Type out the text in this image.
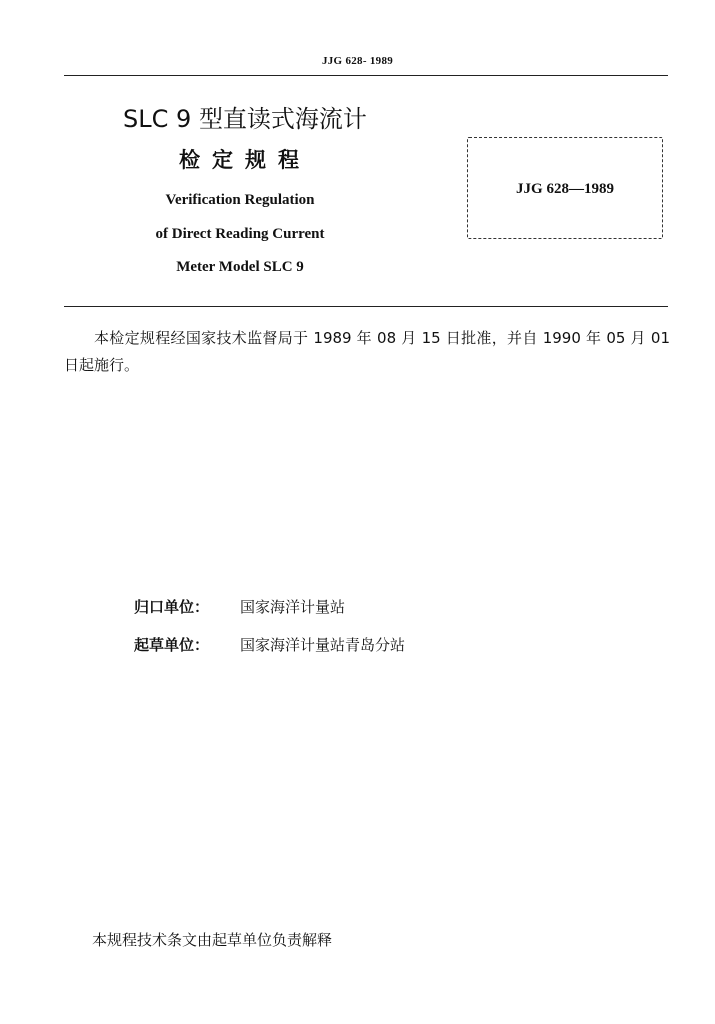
JJG 628- 1989
SLC 9 型直读式海流计
检定规程
Verification Regulation
of Direct Reading Current
Meter Model SLC 9
JJG 628—1989
本检定规程经国家技术监督局于 1989 年 08 月 15 日批准，并自 1990 年 05 月 01 日起施行。
归口单位： 国家海洋计量站
起草单位： 国家海洋计量站青岛分站
本规程技术条文由起草单位负责解释
